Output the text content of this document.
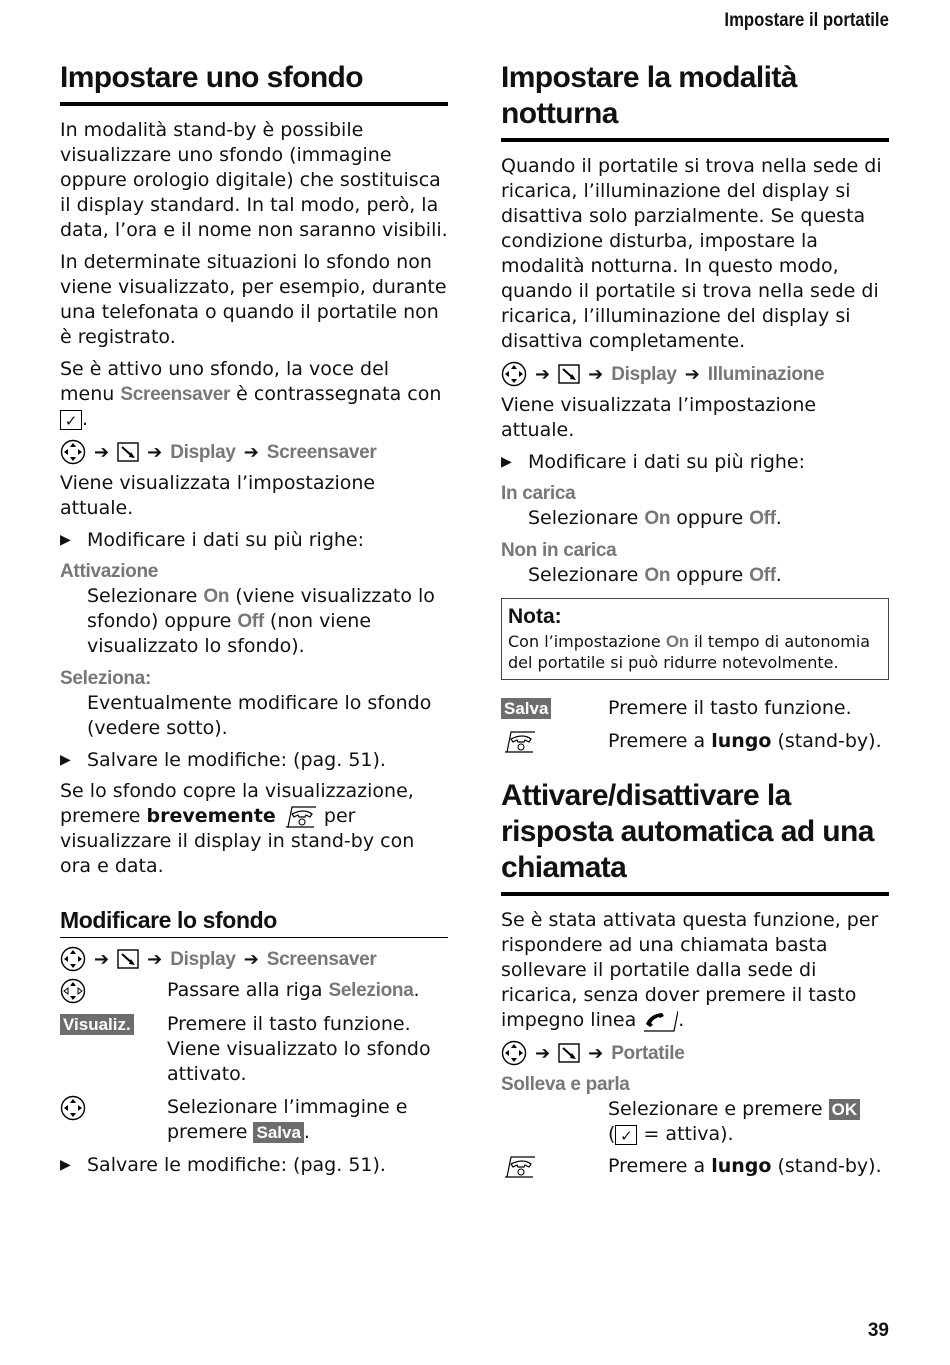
Impostare il portatile
Impostare uno sfondo

In modalità stand-by è possibile visualizzare uno sfondo (immagine oppure orologio digitale) che sostituisca il display standard. In tal modo, però, la data, l’ora e il nome non saranno visibili.

In determinate situazioni lo sfondo non viene visualizzato, per esempio, durante una telefonata o quando il portatile non è registrato.

Se è attivo uno sfondo, la voce del menu Screensaver è contrassegnata con ✓ .

➔ ➔ Display ➔ Screensaver

Viene visualizzata l’impostazione attuale.

▶ Modificare i dati su più righe:
Attivazione
Selezionare On (viene visualizzato lo sfondo) oppure Off (non viene visualizzato lo sfondo).
Seleziona:
Eventualmente modificare lo sfondo (vedere sotto).
▶ Salvare le modifiche: (pag. 51).

Se lo sfondo copre la visualizzazione, premere brevemente	per visualizzare il display in stand-by con ora e data.

Modificare lo sfondo
➔ ➔ Display ➔ Screensaver
Passare alla riga Seleziona.
Visualiz.	Premere il tasto funzione. Viene visualizzato lo sfondo attivato.
Selezionare l’immagine e premere Salva .
▶ Salvare le modifiche: (pag. 51).
Impostare la modalità notturna

Quando il portatile si trova nella sede di ricarica, l’illuminazione del display si disattiva solo parzialmente. Se questa condizione disturba, impostare la modalità notturna. In questo modo, quando il portatile si trova nella sede di ricarica, l’illuminazione del display si disattiva completamente.

➔ ➔ Display ➔ Illuminazione

Viene visualizzata l’impostazione attuale.

▶ Modificare i dati su più righe:
In carica
Selezionare On oppure Off.
Non in carica
Selezionare On oppure Off.
Nota:
Con l’impostazione On il tempo di autonomia del portatile si può ridurre notevolmente.
Salva	Premere il tasto funzione.
Premere a lungo (stand-by).
Attivare/disattivare la risposta automatica ad una chiamata

Se è stata attivata questa funzione, per rispondere ad una chiamata basta sollevare il portatile dalla sede di ricarica, senza dover premere il tasto impegno linea .

➔ ➔ Portatile
Solleva e parla
Selezionare e premere OK
( ✓ = attiva).
Premere a lungo (stand-by).
39
